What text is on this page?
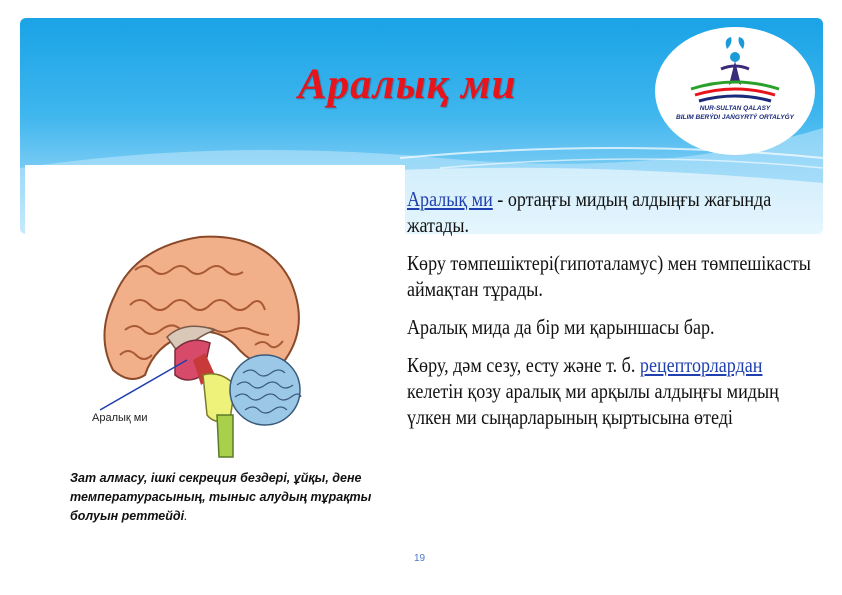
Аралық ми
NUR-SULTAN QALASY
BILIM BERÝDI JAŃGYRTÝ ORTALYǴY
Аралық ми

Зат алмасу, ішкі секреция бездері, ұйқы, дене температурасының, тыныс алудың тұрақты болуын реттейді.

Аралық ми - ортаңғы мидың алдыңғы жағында жатады.

Көру төмпешіктері(гипоталамус) мен төмпешікасты аймақтан тұрады.

Аралық мида да бір ми қарыншасы бар.

Көру, дәм сезу, есту және т. б. рецепторлардан келетін қозу аралық ми арқылы алдыңғы мидың үлкен ми сыңарларының қыртысына өтеді

19
